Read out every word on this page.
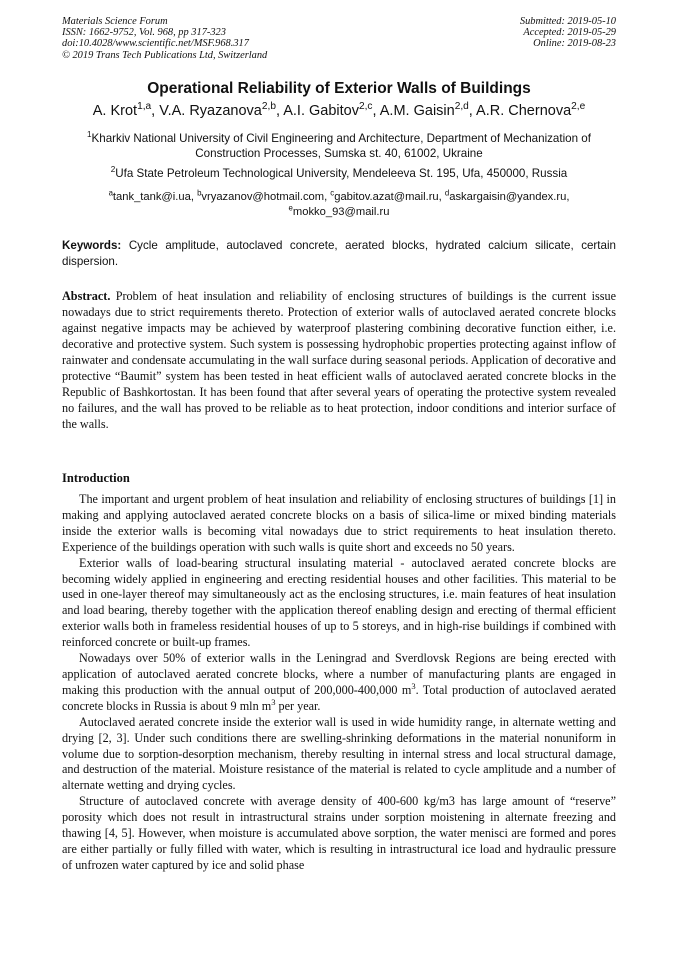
Materials Science Forum
ISSN: 1662-9752, Vol. 968, pp 317-323
doi:10.4028/www.scientific.net/MSF.968.317
© 2019 Trans Tech Publications Ltd, Switzerland
Submitted: 2019-05-10
Accepted: 2019-05-29
Online: 2019-08-23
Operational Reliability of Exterior Walls of Buildings
A. Krot$^{1,a}$, V.A. Ryazanova$^{2,b}$, A.I. Gabitov$^{2,c}$, A.M. Gaisin$^{2,d}$, A.R. Chernova$^{2,e}$
$^1$Kharkiv National University of Civil Engineering and Architecture, Department of Mechanization of Construction Processes, Sumska st. 40, 61002, Ukraine
$^2$Ufa State Petroleum Technological University, Mendeleeva St. 195, Ufa, 450000, Russia
$^a$tank_tank@i.ua, $^b$vryazanov@hotmail.com, $^c$gabitov.azat@mail.ru, $^d$askargaisin@yandex.ru,
$^e$mokko_93@mail.ru
Keywords: Cycle amplitude, autoclaved concrete, aerated blocks, hydrated calcium silicate, certain dispersion.
Abstract. Problem of heat insulation and reliability of enclosing structures of buildings is the current issue nowadays due to strict requirements thereto. Protection of exterior walls of autoclaved aerated concrete blocks against negative impacts may be achieved by waterproof plastering combining decorative function either, i.e. decorative and protective system. Such system is possessing hydrophobic properties protecting against inflow of rainwater and condensate accumulating in the wall surface during seasonal periods. Application of decorative and protective “Baumit” system has been tested in heat efficient walls of autoclaved aerated concrete blocks in the Republic of Bashkortostan. It has been found that after several years of operating the protective system revealed no failures, and the wall has proved to be reliable as to heat protection, indoor conditions and interior surface of the walls.
Introduction

The important and urgent problem of heat insulation and reliability of enclosing structures of buildings [1] in making and applying autoclaved aerated concrete blocks on a basis of silica-lime or mixed binding materials inside the exterior walls is becoming vital nowadays due to strict requirements to heat insulation thereto. Experience of the buildings operation with such walls is quite short and exceeds no 50 years.

Exterior walls of load-bearing structural insulating material - autoclaved aerated concrete blocks are becoming widely applied in engineering and erecting residential houses and other facilities. This material to be used in one-layer thereof may simultaneously act as the enclosing structures, i.e. main features of heat insulation and load bearing, thereby together with the application thereof enabling design and erecting of thermal efficient exterior walls both in frameless residential houses of up to 5 storeys, and in high-rise buildings if combined with reinforced concrete or built-up frames.

Nowadays over 50% of exterior walls in the Leningrad and Sverdlovsk Regions are being erected with application of autoclaved aerated concrete blocks, where a number of manufacturing plants are engaged in making this production with the annual output of 200,000-400,000 $m^3$. Total production of autoclaved aerated concrete blocks in Russia is about 9 mln $m^3$ per year.

Autoclaved aerated concrete inside the exterior wall is used in wide humidity range, in alternate wetting and drying [2, 3]. Under such conditions there are swelling-shrinking deformations in the material nonuniform in volume due to sorption-desorption mechanism, thereby resulting in internal stress and local structural damage, and destruction of the material. Moisture resistance of the material is related to cycle amplitude and a number of alternate wetting and drying cycles.

Structure of autoclaved concrete with average density of 400-600 kg/m3 has large amount of “reserve” porosity which does not result in intrastructural strains under sorption moistening in alternate freezing and thawing [4, 5]. However, when moisture is accumulated above sorption, the water menisci are formed and pores are either partially or fully filled with water, which is resulting in intrastructural ice load and hydraulic pressure of unfrozen water captured by ice and solid phase
